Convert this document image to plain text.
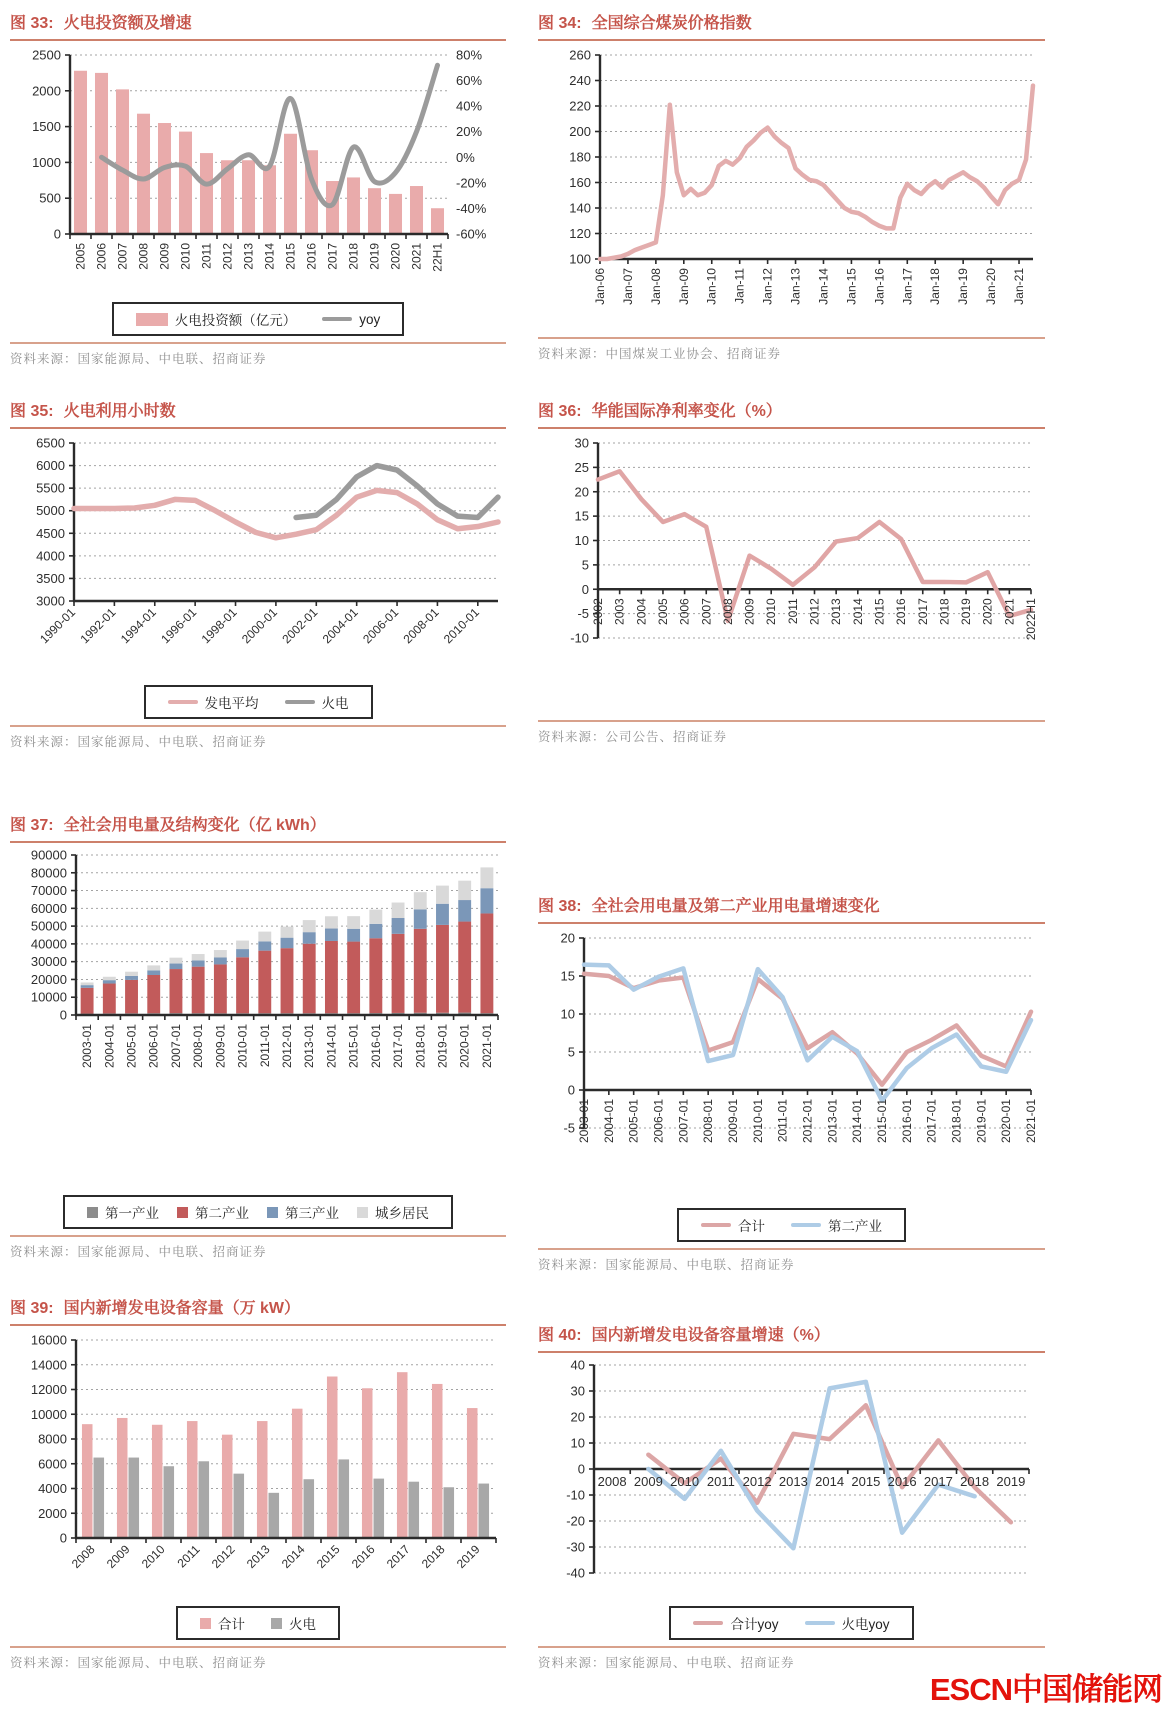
图 33: 火电投资额及增速
0
500
1000
1500
2000
2500
-60%
-40%
-20%
0%
20%
40%
60%
80%
2005 2006 2007 2008 2009 2010 2011 2012 2013 2014 2015 2016 2017 2018 2019 2020 2021 22H1
火电投资额（亿元）	yoy
资料来源：国家能源局、中电联、招商证券
图 34: 全国综合煤炭价格指数
100
120
140
160
180
200
220
240
260
Jan-06 Jan-07 Jan-08 Jan-09 Jan-10 Jan-11 Jan-12 Jan-13 Jan-14 Jan-15 Jan-16 Jan-17 Jan-18 Jan-19 Jan-20 Jan-21
资料来源：中国煤炭工业协会、招商证券
图 35: 火电利用小时数
3000
3500
4000
4500
5000
5500
6000
6500
1990-01 1992-01 1994-01 1996-01 1998-01 2000-01 2002-01 2004-01 2006-01 2008-01 2010-01
发电平均	火电
资料来源：国家能源局、中电联、招商证券
图 36: 华能国际净利率变化（%）
-10
-5
0
5
10
15
20
25
30
2002 2003 2004 2005 2006 2007 2008 2009 2010 2011 2012 2013 2014 2015 2016 2017 2018 2019 2020 2021 2022H1
资料来源：公司公告、招商证券
图 37: 全社会用电量及结构变化（亿 kWh）
0
10000
20000
30000
40000
50000
60000
70000
80000
90000
2003-01 2004-01 2005-01 2006-01 2007-01 2008-01 2009-01 2010-01 2011-01 2012-01 2013-01 2014-01 2015-01 2016-01 2017-01 2018-01 2019-01 2020-01 2021-01
第一产业	第二产业	第三产业	城乡居民
资料来源：国家能源局、中电联、招商证券
图 38: 全社会用电量及第二产业用电量增速变化
-5
0
5
10
15
20
2003-01 2004-01 2005-01 2006-01 2007-01 2008-01 2009-01 2010-01 2011-01 2012-01 2013-01 2014-01 2015-01 2016-01 2017-01 2018-01 2019-01 2020-01 2021-01
合计	第二产业
资料来源：国家能源局、中电联、招商证券
图 39: 国内新增发电设备容量（万 kW）
0
2000
4000
6000
8000
10000
12000
14000
16000
2008 2009 2010 2011 2012 2013 2014 2015 2016 2017 2018 2019
合计	火电
资料来源：国家能源局、中电联、招商证券
图 40: 国内新增发电设备容量增速（%）
-40
-30
-20
-10
0
10
20
30
40
2008 2009 2010 2011 2012 2013 2014 2015 2016 2017 2018 2019
合计yoy	火电yoy
资料来源：国家能源局、中电联、招商证券
ESCN中国储能网
